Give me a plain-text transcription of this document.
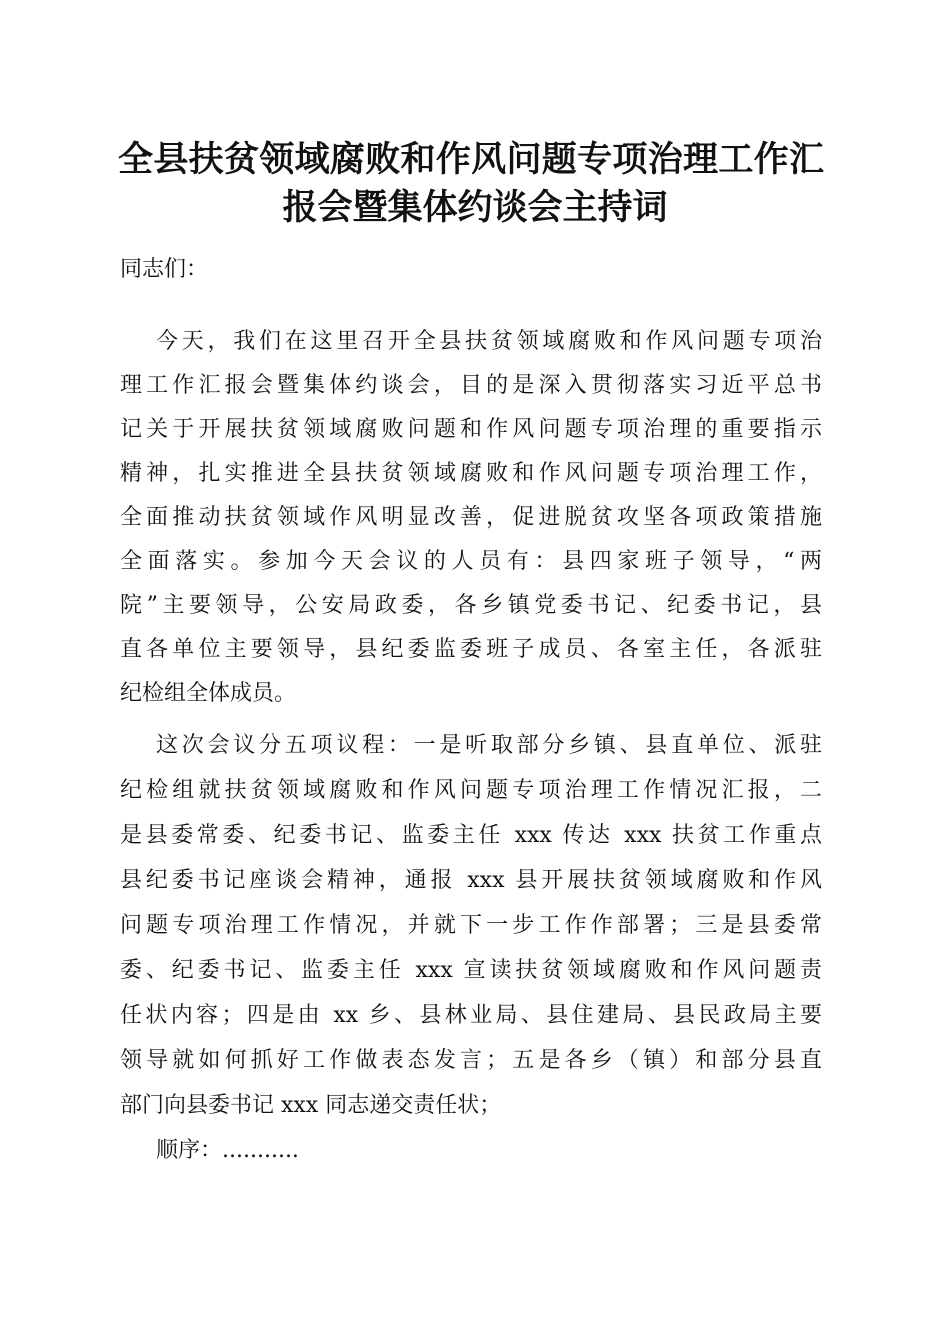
全县扶贫领域腐败和作风问题专项治理工作汇
报会暨集体约谈会主持词
同志们：
今天，我们在这里召开全县扶贫领域腐败和作风问题专项治
理工作汇报会暨集体约谈会，目的是深入贯彻落实习近平总书
记关于开展扶贫领域腐败问题和作风问题专项治理的重要指示
精神，扎实推进全县扶贫领域腐败和作风问题专项治理工作，
全面推动扶贫领域作风明显改善，促进脱贫攻坚各项政策措施
全面落实。参加今天会议的人员有：县四家班子领导，“两
院”主要领导，公安局政委，各乡镇党委书记、纪委书记，县
直各单位主要领导，县纪委监委班子成员、各室主任，各派驻
纪检组全体成员。
这次会议分五项议程：一是听取部分乡镇、县直单位、派驻
纪检组就扶贫领域腐败和作风问题专项治理工作情况汇报，二
是县委常委、纪委书记、监委主任 xxx 传达 xxx 扶贫工作重点
县纪委书记座谈会精神，通报 xxx 县开展扶贫领域腐败和作风
问题专项治理工作情况，并就下一步工作作部署；三是县委常
委、纪委书记、监委主任 xxx 宣读扶贫领域腐败和作风问题责
任状内容；四是由 xx 乡、县林业局、县住建局、县民政局主要
领导就如何抓好工作做表态发言；五是各乡（镇）和部分县直
部门向县委书记 xxx 同志递交责任状；
顺序：...........
